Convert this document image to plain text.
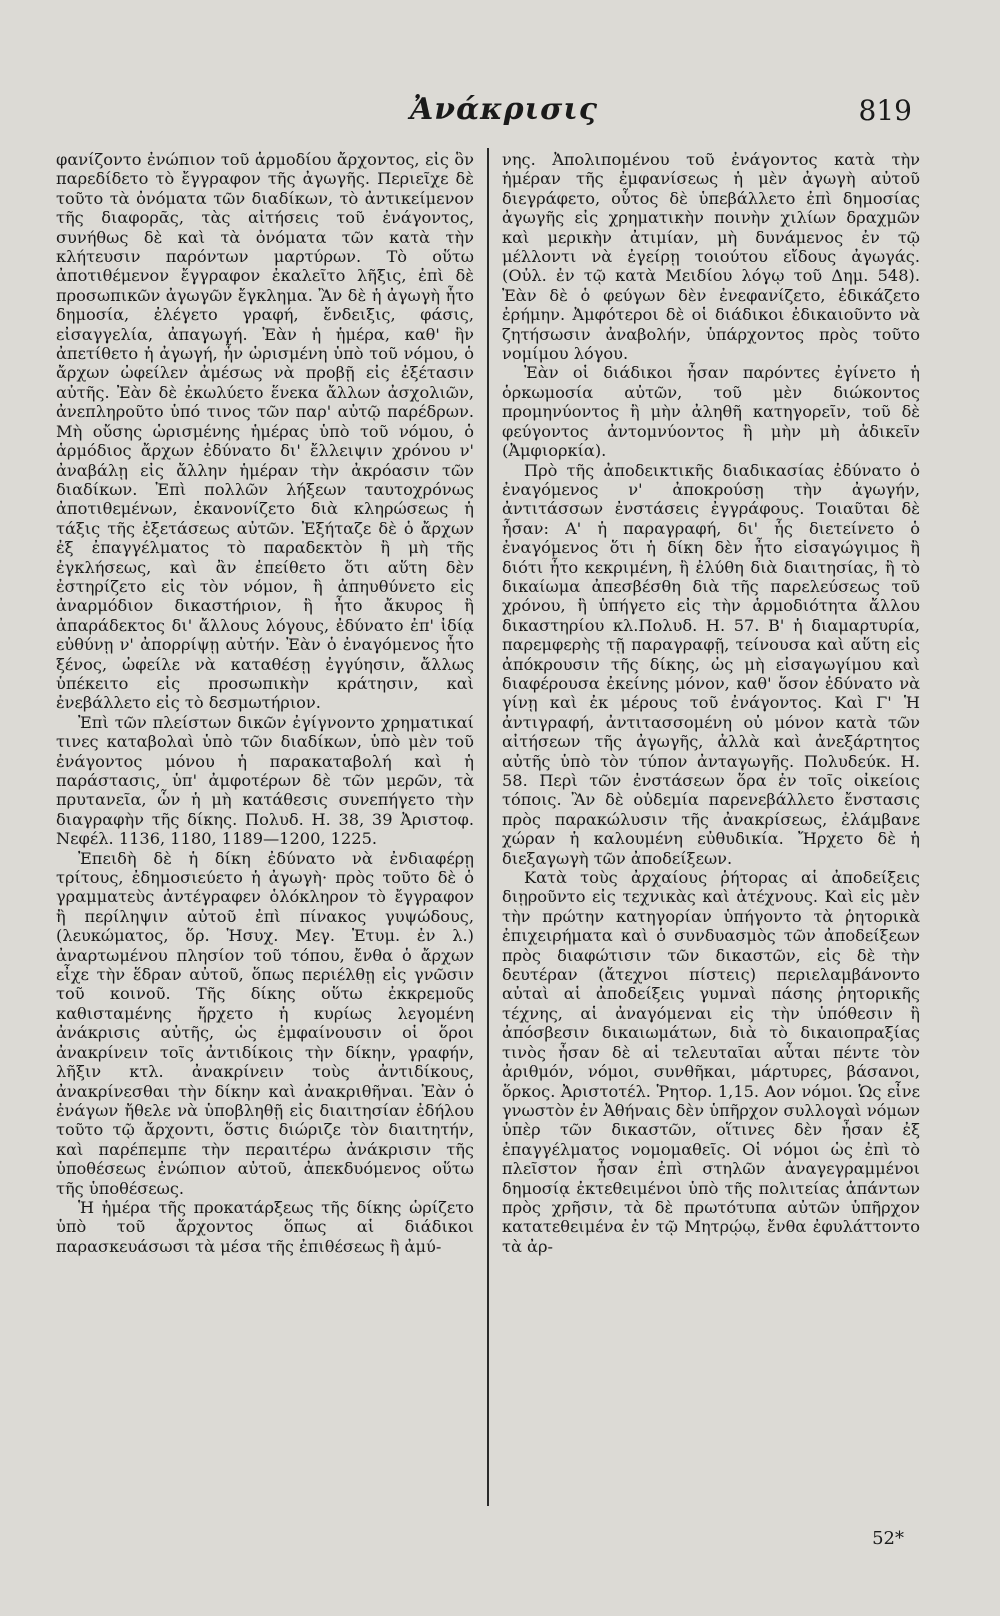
Ἀνάκρισις	819

φανίζοντο ἐνώπιον τοῦ ἁρμοδίου ἄρχοντος, εἰς ὃν παρεδίδετο τὸ ἔγγραφον τῆς ἀγωγῆς. Περιεῖχε δὲ τοῦτο τὰ ὀνόματα τῶν διαδίκων, τὸ ἀντικείμενον τῆς διαφορᾶς, τὰς αἰτήσεις τοῦ ἐνάγοντος, συνήθως δὲ καὶ τὰ ὀνόματα τῶν κατὰ τὴν κλήτευσιν παρόντων μαρτύρων. Τὸ οὕτω ἀποτιθέμενον ἔγγραφον ἐκαλεῖτο λῆξις, ἐπὶ δὲ προσωπικῶν ἀγωγῶν ἔγκλημα. Ἂν δὲ ἡ ἀγωγὴ ἦτο δημοσία, ἐλέγετο γραφή, ἔνδειξις, φάσις, εἰσαγγελία, ἀπαγωγή. Ἐὰν ἡ ἡμέρα, καθ' ἣν ἀπετίθετο ἡ ἀγωγή, ἦν ὡρισμένη ὑπὸ τοῦ νόμου, ὁ ἄρχων ὠφείλεν ἀμέσως νὰ προβῇ εἰς ἐξέτασιν αὐτῆς. Ἐὰν δὲ ἐκωλύετο ἕνεκα ἄλλων ἀσχολιῶν, ἀνεπληροῦτο ὑπό τινος τῶν παρ' αὐτῷ παρέδρων. Μὴ οὔσης ὡρισμένης ἡμέρας ὑπὸ τοῦ νόμου, ὁ ἁρμόδιος ἄρχων ἐδύνατο δι' ἔλλειψιν χρόνου ν' ἀναβάλῃ εἰς ἄλλην ἡμέραν τὴν ἀκρόασιν τῶν διαδίκων. Ἐπὶ πολλῶν λήξεων ταυτοχρόνως ἀποτιθεμένων, ἐκανονίζετο διὰ κληρώσεως ἡ τάξις τῆς ἐξετάσεως αὐτῶν. Ἐξήταζε δὲ ὁ ἄρχων ἐξ ἐπαγγέλματος τὸ παραδεκτὸν ἢ μὴ τῆς ἐγκλήσεως, καὶ ἂν ἐπείθετο ὅτι αὕτη δὲν ἐστηρίζετο εἰς τὸν νόμον, ἢ ἀπηυθύνετο εἰς ἀναρμόδιον δικαστήριον, ἢ ἦτο ἄκυρος ἢ ἀπαράδεκτος δι' ἄλλους λόγους, ἐδύνατο ἐπ' ἰδίᾳ εὐθύνῃ ν' ἀπορρίψῃ αὐτήν. Ἐὰν ὁ ἐναγόμενος ἦτο ξένος, ὠφείλε νὰ καταθέσῃ ἐγγύησιν, ἄλλως ὑπέκειτο εἰς προσωπικὴν κράτησιν, καὶ ἐνεβάλλετο εἰς τὸ δεσμωτήριον.

Ἐπὶ τῶν πλείστων δικῶν ἐγίγνοντο χρηματικαί τινες καταβολαὶ ὑπὸ τῶν διαδίκων, ὑπὸ μὲν τοῦ ἐνάγοντος μόνου ἡ παρακαταβολή καὶ ἡ παράστασις, ὑπ' ἀμφοτέρων δὲ τῶν μερῶν, τὰ πρυτανεῖα, ὧν ἡ μὴ κατάθεσις συνεπήγετο τὴν διαγραφὴν τῆς δίκης. Πολυδ. Η. 38, 39 Ἀριστοφ. Νεφέλ. 1136, 1180, 1189—1200, 1225.

Ἐπειδὴ δὲ ἡ δίκη ἐδύνατο νὰ ἐνδιαφέρῃ τρίτους, ἐδημοσιεύετο ἡ ἀγωγὴ· πρὸς τοῦτο δὲ ὁ γραμματεὺς ἀντέγραφεν ὁλόκληρον τὸ ἔγγραφον ἢ περίληψιν αὐτοῦ ἐπὶ πίνακος γυψώδους, (λευκώματος, ὅρ. Ἡσυχ. Μεγ. Ἐτυμ. ἐν λ.) ἀναρτωμένου πλησίον τοῦ τόπου, ἔνθα ὁ ἄρχων εἶχε τὴν ἕδραν αὐτοῦ, ὅπως περιέλθῃ εἰς γνῶσιν τοῦ κοινοῦ. Τῆς δίκης οὕτω ἐκκρεμοῦς καθισταμένης ἤρχετο ἡ κυρίως λεγομένη ἀνάκρισις αὐτῆς, ὡς ἐμφαίνουσιν οἱ ὅροι ἀνακρίνειν τοῖς ἀντιδίκοις τὴν δίκην, γραφήν, λῆξιν κτλ. ἀνακρίνειν τοὺς ἀντιδίκους, ἀνακρίνεσθαι τὴν δίκην καὶ ἀνακριθῆναι. Ἐὰν ὁ ἐνάγων ἤθελε νὰ ὑποβληθῇ εἰς διαιτησίαν ἐδήλου τοῦτο τῷ ἄρχοντι, ὅστις διώριζε τὸν διαιτητήν, καὶ παρέπεμπε τὴν περαιτέρω ἀνάκρισιν τῆς ὑποθέσεως ἐνώπιον αὐτοῦ, ἀπεκδυόμενος οὕτω τῆς ὑποθέσεως.

Ἡ ἡμέρα τῆς προκατάρξεως τῆς δίκης ὡρίζετο ὑπὸ τοῦ ἄρχοντος ὅπως αἱ διάδικοι παρασκευάσωσι τὰ μέσα τῆς ἐπιθέσεως ἢ ἀμύ-

νης. Ἀπολιπομένου τοῦ ἐνάγοντος κατὰ τὴν ἡμέραν τῆς ἐμφανίσεως ἡ μὲν ἀγωγὴ αὐτοῦ διεγράφετο, οὗτος δὲ ὑπεβάλλετο ἐπὶ δημοσίας ἀγωγῆς εἰς χρηματικὴν ποινὴν χιλίων δραχμῶν καὶ μερικὴν ἀτιμίαν, μὴ δυνάμενος ἐν τῷ μέλλοντι νὰ ἐγείρῃ τοιούτου εἴδους ἀγωγάς. (Οὐλ. ἐν τῷ κατὰ Μειδίου λόγῳ τοῦ Δημ. 548). Ἐὰν δὲ ὁ φεύγων δὲν ἐνεφανίζετο, ἐδικάζετο ἐρήμην. Ἀμφότεροι δὲ οἱ διάδικοι ἐδικαιοῦντο νὰ ζητήσωσιν ἀναβολήν, ὑπάρχοντος πρὸς τοῦτο νομίμου λόγου.

Ἐὰν οἱ διάδικοι ἦσαν παρόντες ἐγίνετο ἡ ὁρκωμοσία αὐτῶν, τοῦ μὲν διώκοντος προμηνύοντος ἢ μὴν ἀληθῆ κατηγορεῖν, τοῦ δὲ φεύγοντος ἀντομνύοντος ἢ μὴν μὴ ἀδικεῖν (Ἀμφιορκία).

Πρὸ τῆς ἀποδεικτικῆς διαδικασίας ἐδύνατο ὁ ἐναγόμενος ν' ἀποκρούσῃ τὴν ἀγωγήν, ἀντιτάσσων ἐνστάσεις ἐγγράφους. Τοιαῦται δὲ ἦσαν: Α' ἡ παραγραφή, δι' ἧς διετείνετο ὁ ἐναγόμενος ὅτι ἡ δίκη δὲν ἦτο εἰσαγώγιμος ἢ διότι ἦτο κεκριμένη, ἢ ἐλύθη διὰ διαιτησίας, ἢ τὸ δικαίωμα ἀπεσβέσθη διὰ τῆς παρελεύσεως τοῦ χρόνου, ἢ ὑπήγετο εἰς τὴν ἁρμοδιότητα ἄλλου δικαστηρίου κλ.Πολυδ. Η. 57. Β' ἡ διαμαρτυρία, παρεμφερὴς τῇ παραγραφῇ, τείνουσα καὶ αὕτη εἰς ἀπόκρουσιν τῆς δίκης, ὡς μὴ εἰσαγωγίμου καὶ διαφέρουσα ἐκείνης μόνον, καθ' ὅσον ἐδύνατο νὰ γίνῃ καὶ ἐκ μέρους τοῦ ἐνάγοντος. Καὶ Γ' Ἡ ἀντιγραφή, ἀντιτασσομένη οὐ μόνον κατὰ τῶν αἰτήσεων τῆς ἀγωγῆς, ἀλλὰ καὶ ἀνεξάρτητος αὐτῆς ὑπὸ τὸν τύπον ἀνταγωγῆς. Πολυδεύκ. Η. 58. Περὶ τῶν ἐνστάσεων ὅρα ἐν τοῖς οἰκείοις τόποις. Ἂν δὲ οὐδεμία παρενεβάλλετο ἔνστασις πρὸς παρακώλυσιν τῆς ἀνακρίσεως, ἐλάμβανε χώραν ἡ καλουμένη εὐθυδικία. Ἤρχετο δὲ ἡ διεξαγωγὴ τῶν ἀποδείξεων.

Κατὰ τοὺς ἀρχαίους ῥήτορας αἱ ἀποδείξεις διῃροῦντο εἰς τεχνικὰς καὶ ἀτέχνους. Καὶ εἰς μὲν τὴν πρώτην κατηγορίαν ὑπήγοντο τὰ ῥητορικὰ ἐπιχειρήματα καὶ ὁ συνδυασμὸς τῶν ἀποδείξεων πρὸς διαφώτισιν τῶν δικαστῶν, εἰς δὲ τὴν δευτέραν (ἄτεχνοι πίστεις) περιελαμβάνοντο αὐταὶ αἱ ἀποδείξεις γυμναὶ πάσης ῥητορικῆς τέχνης, αἱ ἀναγόμεναι εἰς τὴν ὑπόθεσιν ἢ ἀπόσβεσιν δικαιωμάτων, διὰ τὸ δικαιοπραξίας τινὸς ἦσαν δὲ αἱ τελευταῖαι αὗται πέντε τὸν ἀριθμόν, νόμοι, συνθῆκαι, μάρτυρες, βάσανοι, ὅρκος. Ἀριστοτέλ. Ῥητορ. 1,15. Αον νόμοι. Ὡς εἶνε γνωστὸν ἐν Ἀθήναις δὲν ὑπῆρχον συλλογαὶ νόμων ὑπὲρ τῶν δικαστῶν, οἵτινες δὲν ἦσαν ἐξ ἐπαγγέλματος νομομαθεῖς. Οἱ νόμοι ὡς ἐπὶ τὸ πλεῖστον ἦσαν ἐπὶ στηλῶν ἀναγεγραμμένοι δημοσίᾳ ἐκτεθειμένοι ὑπὸ τῆς πολιτείας ἁπάντων πρὸς χρῆσιν, τὰ δὲ πρωτότυπα αὐτῶν ὑπῆρχον κατατεθειμένα ἐν τῷ Μητρῴῳ, ἔνθα ἐφυλάττοντο τὰ ἀρ-

52*
